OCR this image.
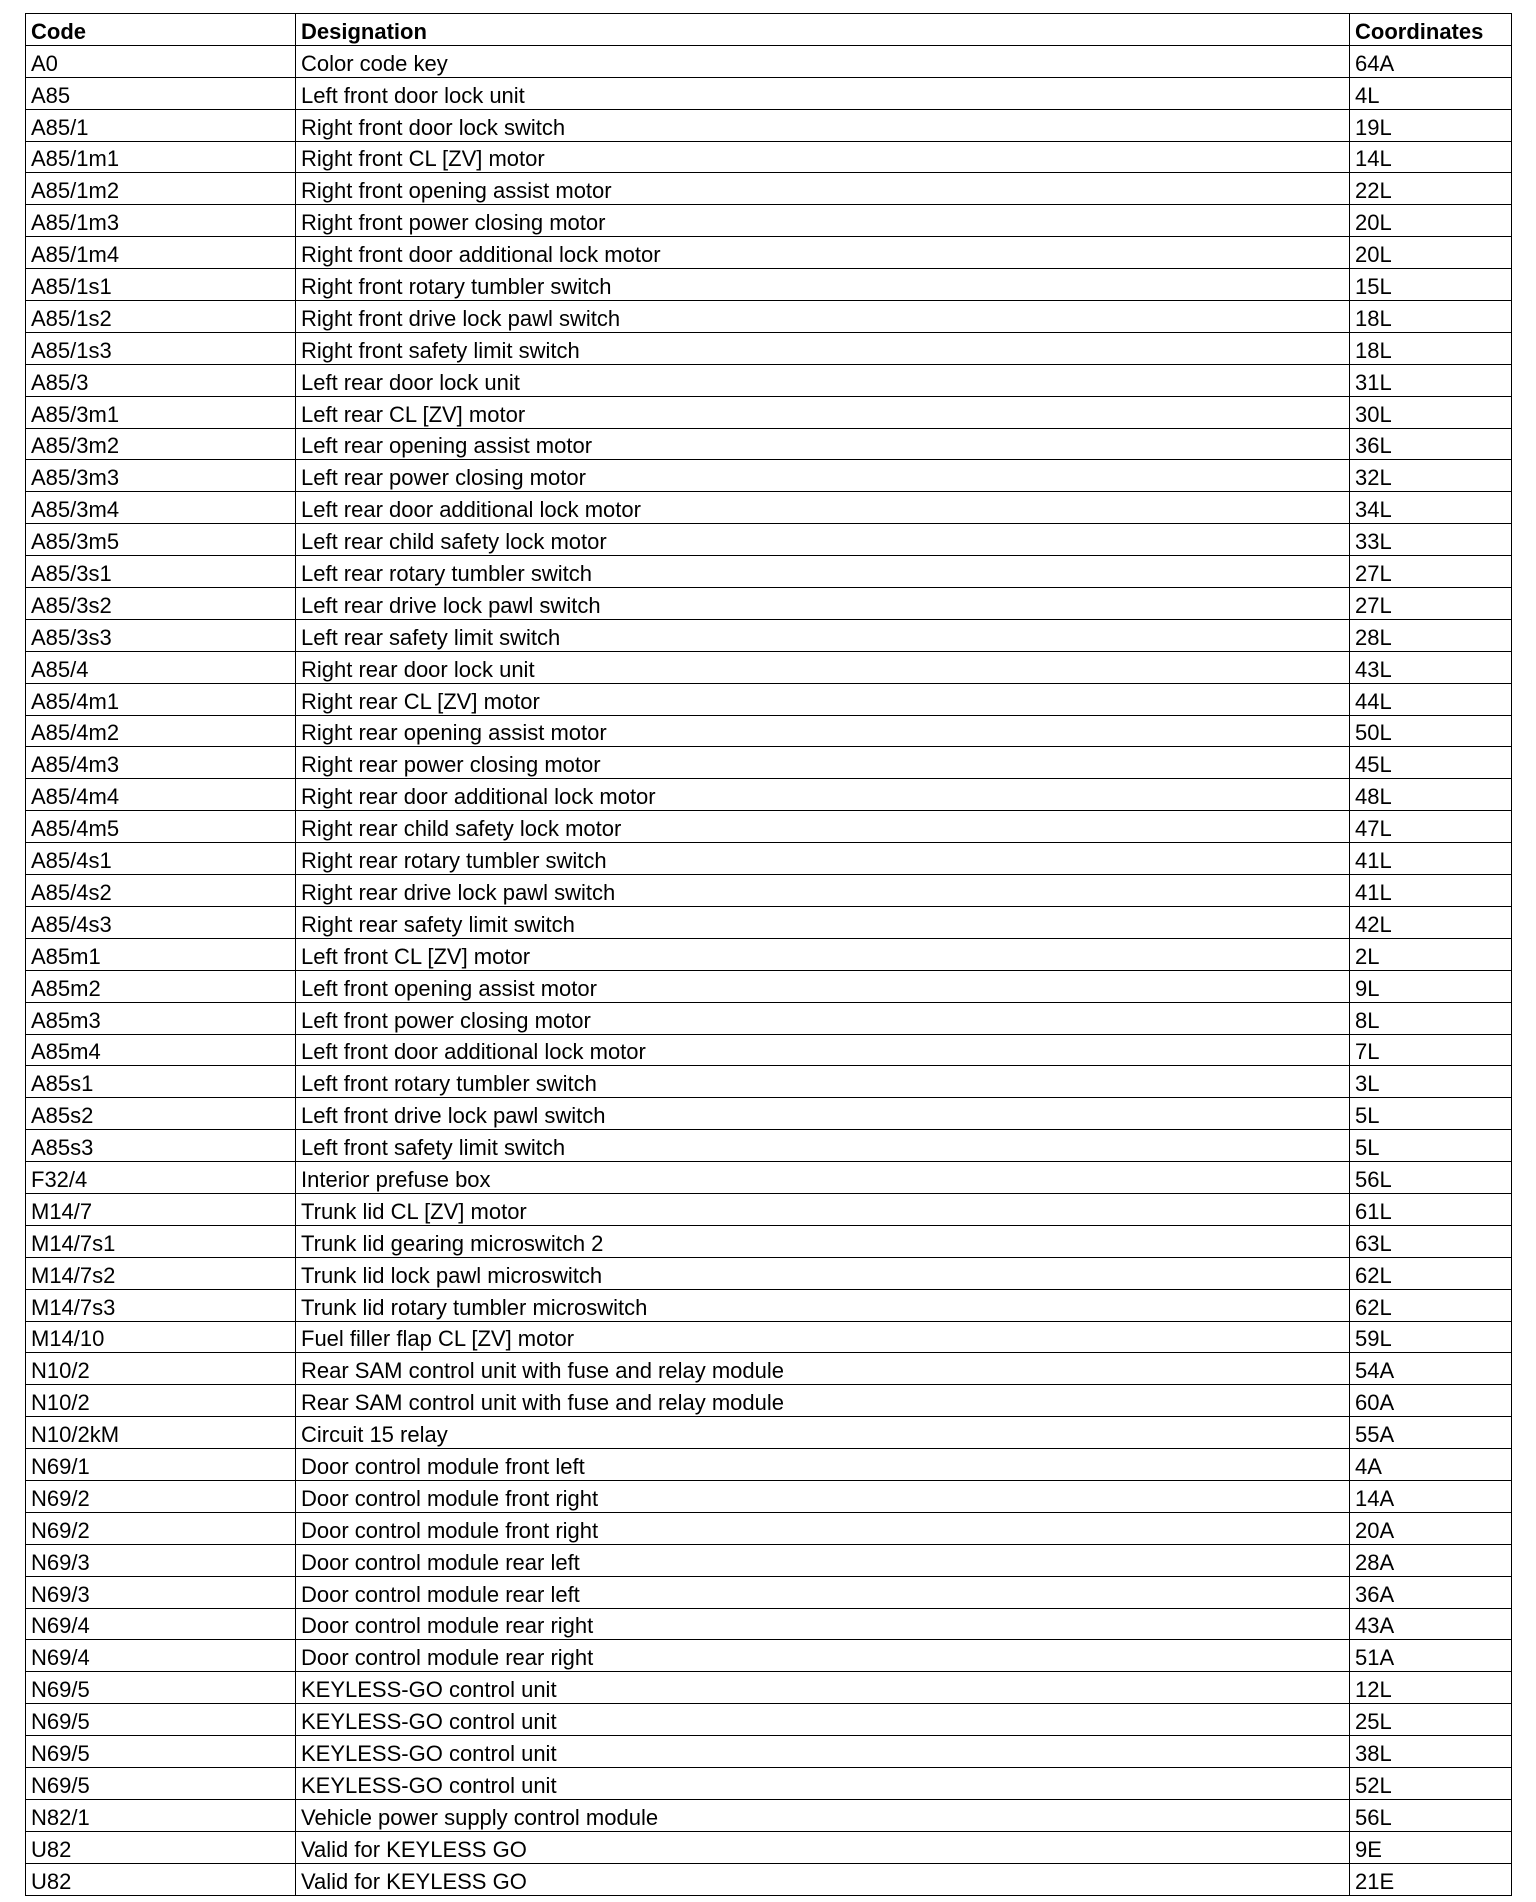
Code	Designation	Coordinates
A0	Color code key	64A
A85	Left front door lock unit	4L
A85/1	Right front door lock switch	19L
A85/1m1	Right front CL [ZV] motor	14L
A85/1m2	Right front opening assist motor	22L
A85/1m3	Right front power closing motor	20L
A85/1m4	Right front door additional lock motor	20L
A85/1s1	Right front rotary tumbler switch	15L
A85/1s2	Right front drive lock pawl switch	18L
A85/1s3	Right front safety limit switch	18L
A85/3	Left rear door lock unit	31L
A85/3m1	Left rear CL [ZV] motor	30L
A85/3m2	Left rear opening assist motor	36L
A85/3m3	Left rear power closing motor	32L
A85/3m4	Left rear door additional lock motor	34L
A85/3m5	Left rear child safety lock motor	33L
A85/3s1	Left rear rotary tumbler switch	27L
A85/3s2	Left rear drive lock pawl switch	27L
A85/3s3	Left rear safety limit switch	28L
A85/4	Right rear door lock unit	43L
A85/4m1	Right rear CL [ZV] motor	44L
A85/4m2	Right rear opening assist motor	50L
A85/4m3	Right rear power closing motor	45L
A85/4m4	Right rear door additional lock motor	48L
A85/4m5	Right rear child safety lock motor	47L
A85/4s1	Right rear rotary tumbler switch	41L
A85/4s2	Right rear drive lock pawl switch	41L
A85/4s3	Right rear safety limit switch	42L
A85m1	Left front CL [ZV] motor	2L
A85m2	Left front opening assist motor	9L
A85m3	Left front power closing motor	8L
A85m4	Left front door additional lock motor	7L
A85s1	Left front rotary tumbler switch	3L
A85s2	Left front drive lock pawl switch	5L
A85s3	Left front safety limit switch	5L
F32/4	Interior prefuse box	56L
M14/7	Trunk lid CL [ZV] motor	61L
M14/7s1	Trunk lid gearing microswitch 2	63L
M14/7s2	Trunk lid lock pawl microswitch	62L
M14/7s3	Trunk lid rotary tumbler microswitch	62L
M14/10	Fuel filler flap CL [ZV] motor	59L
N10/2	Rear SAM control unit with fuse and relay module	54A
N10/2	Rear SAM control unit with fuse and relay module	60A
N10/2kM	Circuit 15 relay	55A
N69/1	Door control module front left	4A
N69/2	Door control module front right	14A
N69/2	Door control module front right	20A
N69/3	Door control module rear left	28A
N69/3	Door control module rear left	36A
N69/4	Door control module rear right	43A
N69/4	Door control module rear right	51A
N69/5	KEYLESS-GO control unit	12L
N69/5	KEYLESS-GO control unit	25L
N69/5	KEYLESS-GO control unit	38L
N69/5	KEYLESS-GO control unit	52L
N82/1	Vehicle power supply control module	56L
U82	Valid for KEYLESS GO	9E
U82	Valid for KEYLESS GO	21E
